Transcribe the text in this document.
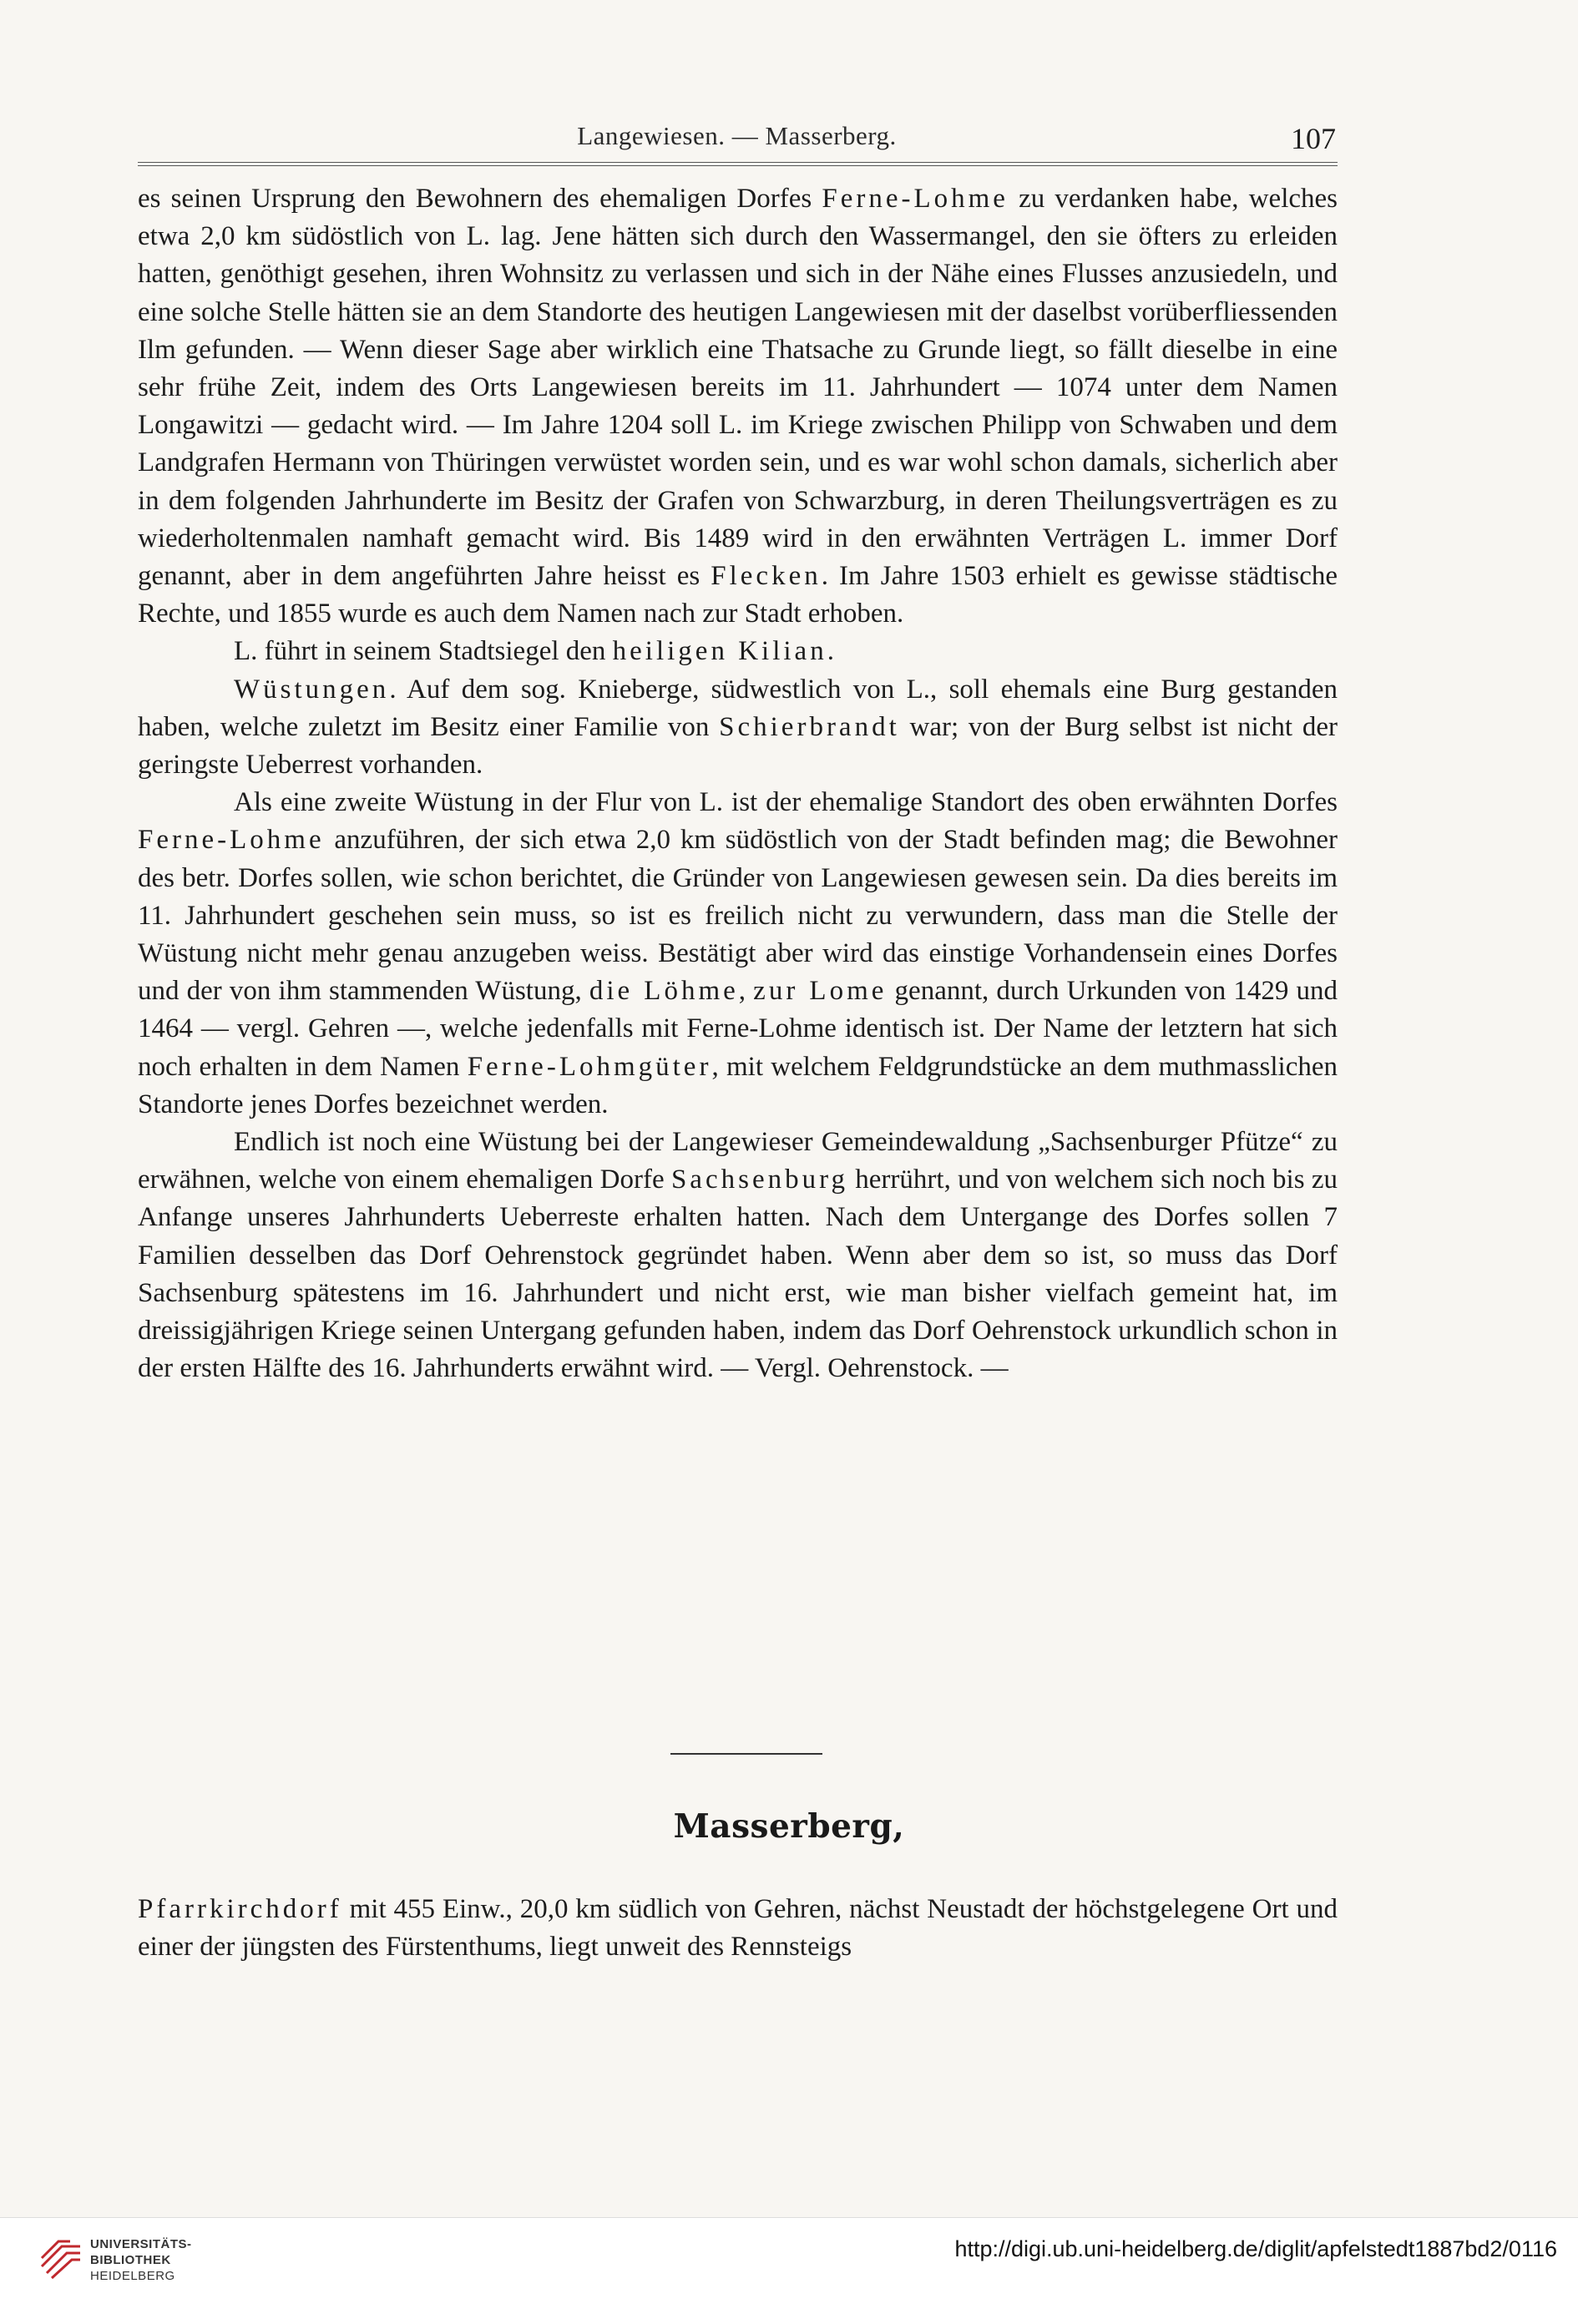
Langewiesen. — Masserberg.	107

es seinen Ursprung den Bewohnern des ehemaligen Dorfes Ferne-Lohme zu verdanken habe, welches etwa 2,0 km südöstlich von L. lag. Jene hätten sich durch den Wassermangel, den sie öfters zu erleiden hatten, genöthigt gesehen, ihren Wohnsitz zu verlassen und sich in der Nähe eines Flusses anzusiedeln, und eine solche Stelle hätten sie an dem Standorte des heutigen Langewiesen mit der daselbst vorüberfliessenden Ilm gefunden. — Wenn dieser Sage aber wirklich eine Thatsache zu Grunde liegt, so fällt dieselbe in eine sehr frühe Zeit, indem des Orts Langewiesen bereits im 11. Jahrhundert — 1074 unter dem Namen Longawitzi — gedacht wird. — Im Jahre 1204 soll L. im Kriege zwischen Philipp von Schwaben und dem Landgrafen Hermann von Thüringen verwüstet worden sein, und es war wohl schon damals, sicherlich aber in dem folgenden Jahrhunderte im Besitz der Grafen von Schwarzburg, in deren Theilungsverträgen es zu wiederholtenmalen namhaft gemacht wird. Bis 1489 wird in den erwähnten Verträgen L. immer Dorf genannt, aber in dem angeführten Jahre heisst es Flecken. Im Jahre 1503 erhielt es gewisse städtische Rechte, und 1855 wurde es auch dem Namen nach zur Stadt erhoben.

L. führt in seinem Stadtsiegel den heiligen Kilian.

Wüstungen. Auf dem sog. Knieberge, südwestlich von L., soll ehemals eine Burg gestanden haben, welche zuletzt im Besitz einer Familie von Schierbrandt war; von der Burg selbst ist nicht der geringste Ueberrest vorhanden.

Als eine zweite Wüstung in der Flur von L. ist der ehemalige Standort des oben erwähnten Dorfes Ferne-Lohme anzuführen, der sich etwa 2,0 km südöstlich von der Stadt befinden mag; die Bewohner des betr. Dorfes sollen, wie schon berichtet, die Gründer von Langewiesen gewesen sein. Da dies bereits im 11. Jahrhundert geschehen sein muss, so ist es freilich nicht zu verwundern, dass man die Stelle der Wüstung nicht mehr genau anzugeben weiss. Bestätigt aber wird das einstige Vorhandensein eines Dorfes und der von ihm stammenden Wüstung, die Löhme, zur Lome genannt, durch Urkunden von 1429 und 1464 — vergl. Gehren —, welche jedenfalls mit Ferne-Lohme identisch ist. Der Name der letztern hat sich noch erhalten in dem Namen Ferne-Lohmgüter, mit welchem Feldgrundstücke an dem muthmasslichen Standorte jenes Dorfes bezeichnet werden.

Endlich ist noch eine Wüstung bei der Langewieser Gemeindewaldung „Sachsenburger Pfütze“ zu erwähnen, welche von einem ehemaligen Dorfe Sachsenburg herrührt, und von welchem sich noch bis zu Anfange unseres Jahrhunderts Ueberreste erhalten hatten. Nach dem Untergange des Dorfes sollen 7 Familien desselben das Dorf Oehrenstock gegründet haben. Wenn aber dem so ist, so muss das Dorf Sachsenburg spätestens im 16. Jahrhundert und nicht erst, wie man bisher vielfach gemeint hat, im dreissigjährigen Kriege seinen Untergang gefunden haben, indem das Dorf Oehrenstock urkundlich schon in der ersten Hälfte des 16. Jahrhunderts erwähnt wird. — Vergl. Oehrenstock. —

Masserberg,

Pfarrkirchdorf mit 455 Einw., 20,0 km südlich von Gehren, nächst Neustadt der höchstgelegene Ort und einer der jüngsten des Fürstenthums, liegt unweit des Rennsteigs

UNIVERSITÄTS-
BIBLIOTHEK
HEIDELBERG
http://digi.ub.uni-heidelberg.de/diglit/apfelstedt1887bd2/0116
